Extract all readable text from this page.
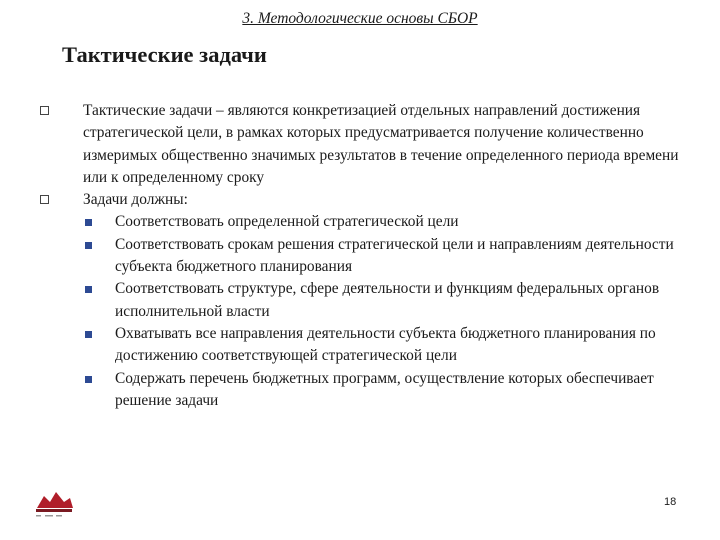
3. Методологические основы СБОР
Тактические задачи
Тактические задачи – являются конкретизацией отдельных направлений достижения стратегической цели, в рамках которых предусматривается получение количественно измеримых общественно значимых результатов в течение определенного периода времени или к определенному сроку
Задачи должны:
Соответствовать определенной стратегической цели
Соответствовать срокам решения стратегической цели и направлениям деятельности субъекта бюджетного планирования
Соответствовать структуре, сфере деятельности и функциям федеральных органов исполнительной власти
Охватывать все направления деятельности субъекта бюджетного планирования по достижению соответствующей стратегической цели
Содержать перечень бюджетных программ, осуществление которых обеспечивает решение задачи
18
